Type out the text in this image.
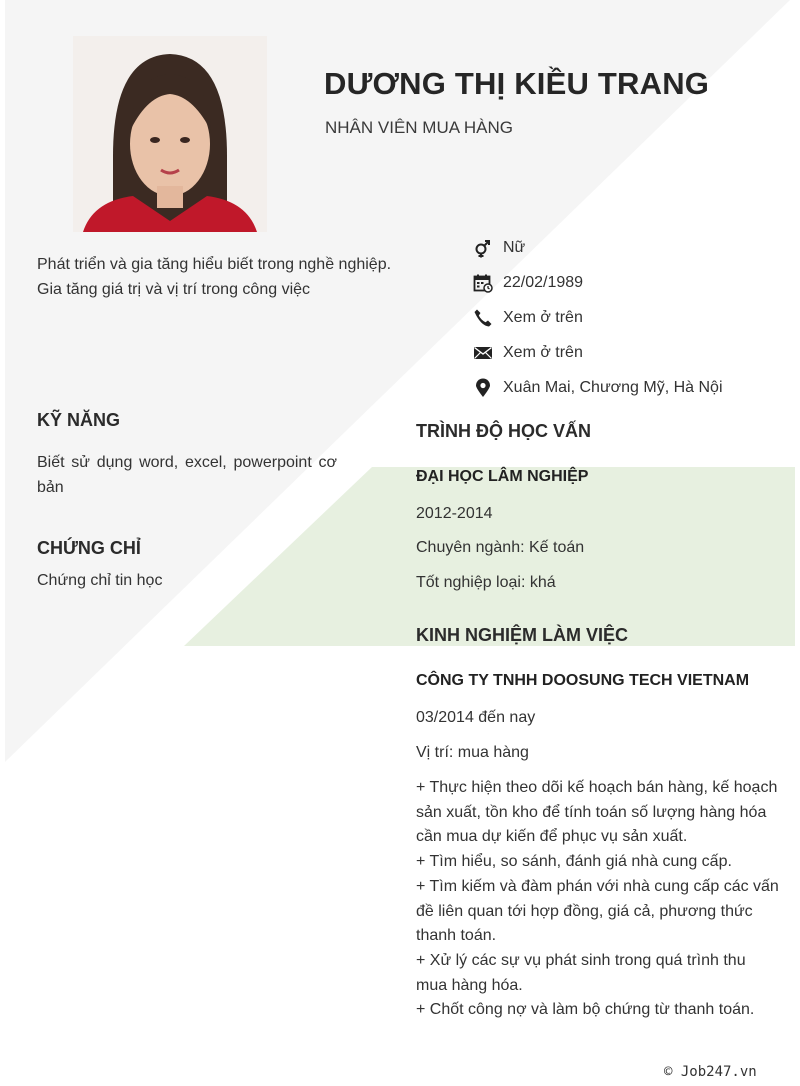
DƯƠNG THỊ KIỀU TRANG
NHÂN VIÊN MUA HÀNG
Phát triển và gia tăng hiểu biết trong nghề nghiệp. Gia tăng giá trị và vị trí trong công việc
Nữ
22/02/1989
Xem ở trên
Xem ở trên
Xuân Mai, Chương Mỹ, Hà Nội
KỸ NĂNG
Biết sử dụng word, excel, powerpoint cơ bản
CHỨNG CHỈ
Chứng chỉ tin học
TRÌNH ĐỘ HỌC VẤN
ĐẠI HỌC LÂM NGHIỆP
2012-2014
Chuyên ngành: Kế toán
Tốt nghiệp loại: khá
KINH NGHIỆM LÀM VIỆC
CÔNG TY TNHH DOOSUNG TECH VIETNAM
03/2014 đến nay
Vị trí: mua hàng
+ Thực hiện theo dõi kế hoạch bán hàng, kế hoạch sản xuất, tồn kho để tính toán số lượng hàng hóa cần mua dự kiến để phục vụ sản xuất.
+ Tìm hiểu, so sánh, đánh giá nhà cung cấp.
+ Tìm kiếm và đàm phán với nhà cung cấp các vấn đề liên quan tới hợp đồng, giá cả, phương thức thanh toán.
+ Xử lý các sự vụ phát sinh trong quá trình thu mua hàng hóa.
+ Chốt công nợ và làm bộ chứng từ thanh toán.
© Job247.vn
